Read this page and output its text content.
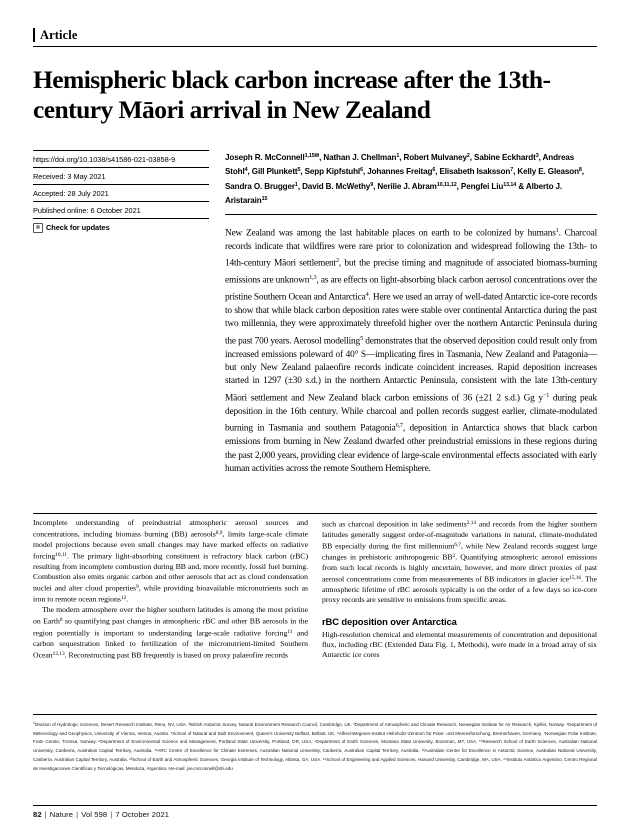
Article
Hemispheric black carbon increase after the 13th-century Māori arrival in New Zealand
https://doi.org/10.1038/s41586-021-03858-9
Received: 3 May 2021
Accepted: 28 July 2021
Published online: 6 October 2021
Check for updates
Joseph R. McConnell$^{1,15✉}$, Nathan J. Chellman$^1$, Robert Mulvaney$^2$, Sabine Eckhardt$^3$, Andreas Stohl$^4$, Gill Plunkett$^5$, Sepp Kipfstuhl$^6$, Johannes Freitag$^6$, Elisabeth Isaksson$^7$, Kelly E. Gleason$^8$, Sandra O. Brugger$^1$, David B. McWethy$^9$, Nerilie J. Abram$^{10,11,12}$, Pengfei Liu$^{13,14}$ & Alberto J. Aristarain$^{15}$
New Zealand was among the last habitable places on earth to be colonized by humans$^1$. Charcoal records indicate that wildfires were rare prior to colonization and widespread following the 13th- to 14th-century Māori settlement$^2$, but the precise timing and magnitude of associated biomass-burning emissions are unknown$^{1,3}$, as are effects on light-absorbing black carbon aerosol concentrations over the pristine Southern Ocean and Antarctica$^4$. Here we used an array of well-dated Antarctic ice-core records to show that while black carbon deposition rates were stable over continental Antarctica during the past two millennia, they were approximately threefold higher over the northern Antarctic Peninsula during the past 700 years. Aerosol modelling$^5$ demonstrates that the observed deposition could result only from increased emissions poleward of 40° S—implicating fires in Tasmania, New Zealand and Patagonia—but only New Zealand palaeofire records indicate coincident increases. Rapid deposition increases started in 1297 (±30 s.d.) in the northern Antarctic Peninsula, consistent with the late 13th-century Māori settlement and New Zealand black carbon emissions of 36 (±21 2 s.d.) Gg $y^{-1}$ during peak deposition in the 16th century. While charcoal and pollen records suggest earlier, climate-modulated burning in Tasmania and southern Patagonia$^{6,7}$, deposition in Antarctica shows that black carbon emissions from burning in New Zealand dwarfed other preindustrial emissions in these regions during the past 2,000 years, providing clear evidence of large-scale environmental effects associated with early human activities across the remote Southern Hemisphere.

Incomplete understanding of preindustrial atmospheric aerosol sources and concentrations, including biomass burning (BB) aerosols$^{8,9}$, limits large-scale climate model projections because even small changes may have marked effects on radiative forcing$^{10,11}$. The primary light-absorbing constituent is refractory black carbon (rBC) resulting from incomplete combustion during BB and, more recently, fossil fuel burning. Combustion also emits organic carbon and other aerosols that act as cloud condensation nuclei and alter cloud properties$^9$, while providing bioavailable micronutrients such as iron to remote ocean regions$^{12}$.

The modern atmosphere over the higher southern latitudes is among the most pristine on Earth$^8$ so quantifying past changes in atmospheric rBC and other BB aerosols in the region potentially is important to understanding large-scale radiative forcing$^{11}$ and carbon sequestration linked to fertilization of the micronutrient-limited Southern Ocean$^{12,13}$. Reconstructing past BB frequently is based on proxy palaeofire records

such as charcoal deposition in lake sediments$^{2,14}$ and records from the higher southern latitudes generally suggest order-of-magnitude variations in natural, climate-modulated BB especially during the first millennium$^{6,7}$, while New Zealand records suggest large changes in prehistoric anthropogenic $BB^2$. Quantifying atmospheric aerosol emissions from such local records is highly uncertain, however, and more direct proxies of past aerosol concentrations come from measurements of BB indicators in glacier ice$^{15,16}$. The atmospheric lifetime of rBC aerosols typically is on the order of a few days so ice-core proxy records are sensitive to emissions from specific areas.

rBC deposition over Antarctica

High-resolution chemical and elemental measurements of concentration and depositional flux, including rBC (Extended Data Fig. 1, Methods), were made in a broad array of six Antarctic ice cores

$^1$Division of Hydrologic Sciences, Desert Research Institute, Reno, NV, USA. ²British Antarctic Survey, Natural Environment Research Council, Cambridge, UK. ³Department of Atmospheric and Climate Research, Norwegian Institute for Air Research, Kjeller, Norway. ⁴Department of Meteorology and Geophysics, University of Vienna, Vienna, Austria. ⁵School of Natural and Built Environment, Queen's University Belfast, Belfast, UK. ⁶Alfred-Wegener-Institut Helmholtz-Zentrum für Polar- und Meeresforschung, Bremerhaven, Germany. ⁷Norwegian Polar Institute, Fram Centre, Tromsø, Norway. ⁸Department of Environmental Science and Management, Portland State University, Portland, OR, USA. ⁹Department of Earth Sciences, Montana State University, Bozeman, MT, USA. ¹⁰Research School of Earth Sciences, Australian National University, Canberra, Australian Capital Territory, Australia. ¹¹ARC Centre of Excellence for Climate Extremes, Australian National University, Canberra, Australian Capital Territory, Australia. ¹²Australian Centre for Excellence in Antarctic Science, Australian National University, Canberra, Australian Capital Territory, Australia. ¹³School of Earth and Atmospheric Sciences, Georgia Institute of Technology, Atlanta, GA, USA. ¹⁴School of Engineering and Applied Sciences, Harvard University, Cambridge, MA, USA. ¹⁵Instituto Antártico Argentino, Centro Regional de Investigaciones Científicas y Tecnológicas, Mendoza, Argentina. ✉e-mail: joe.mcconnell@dri.edu
82 | Nature | Vol 598 | 7 October 2021
